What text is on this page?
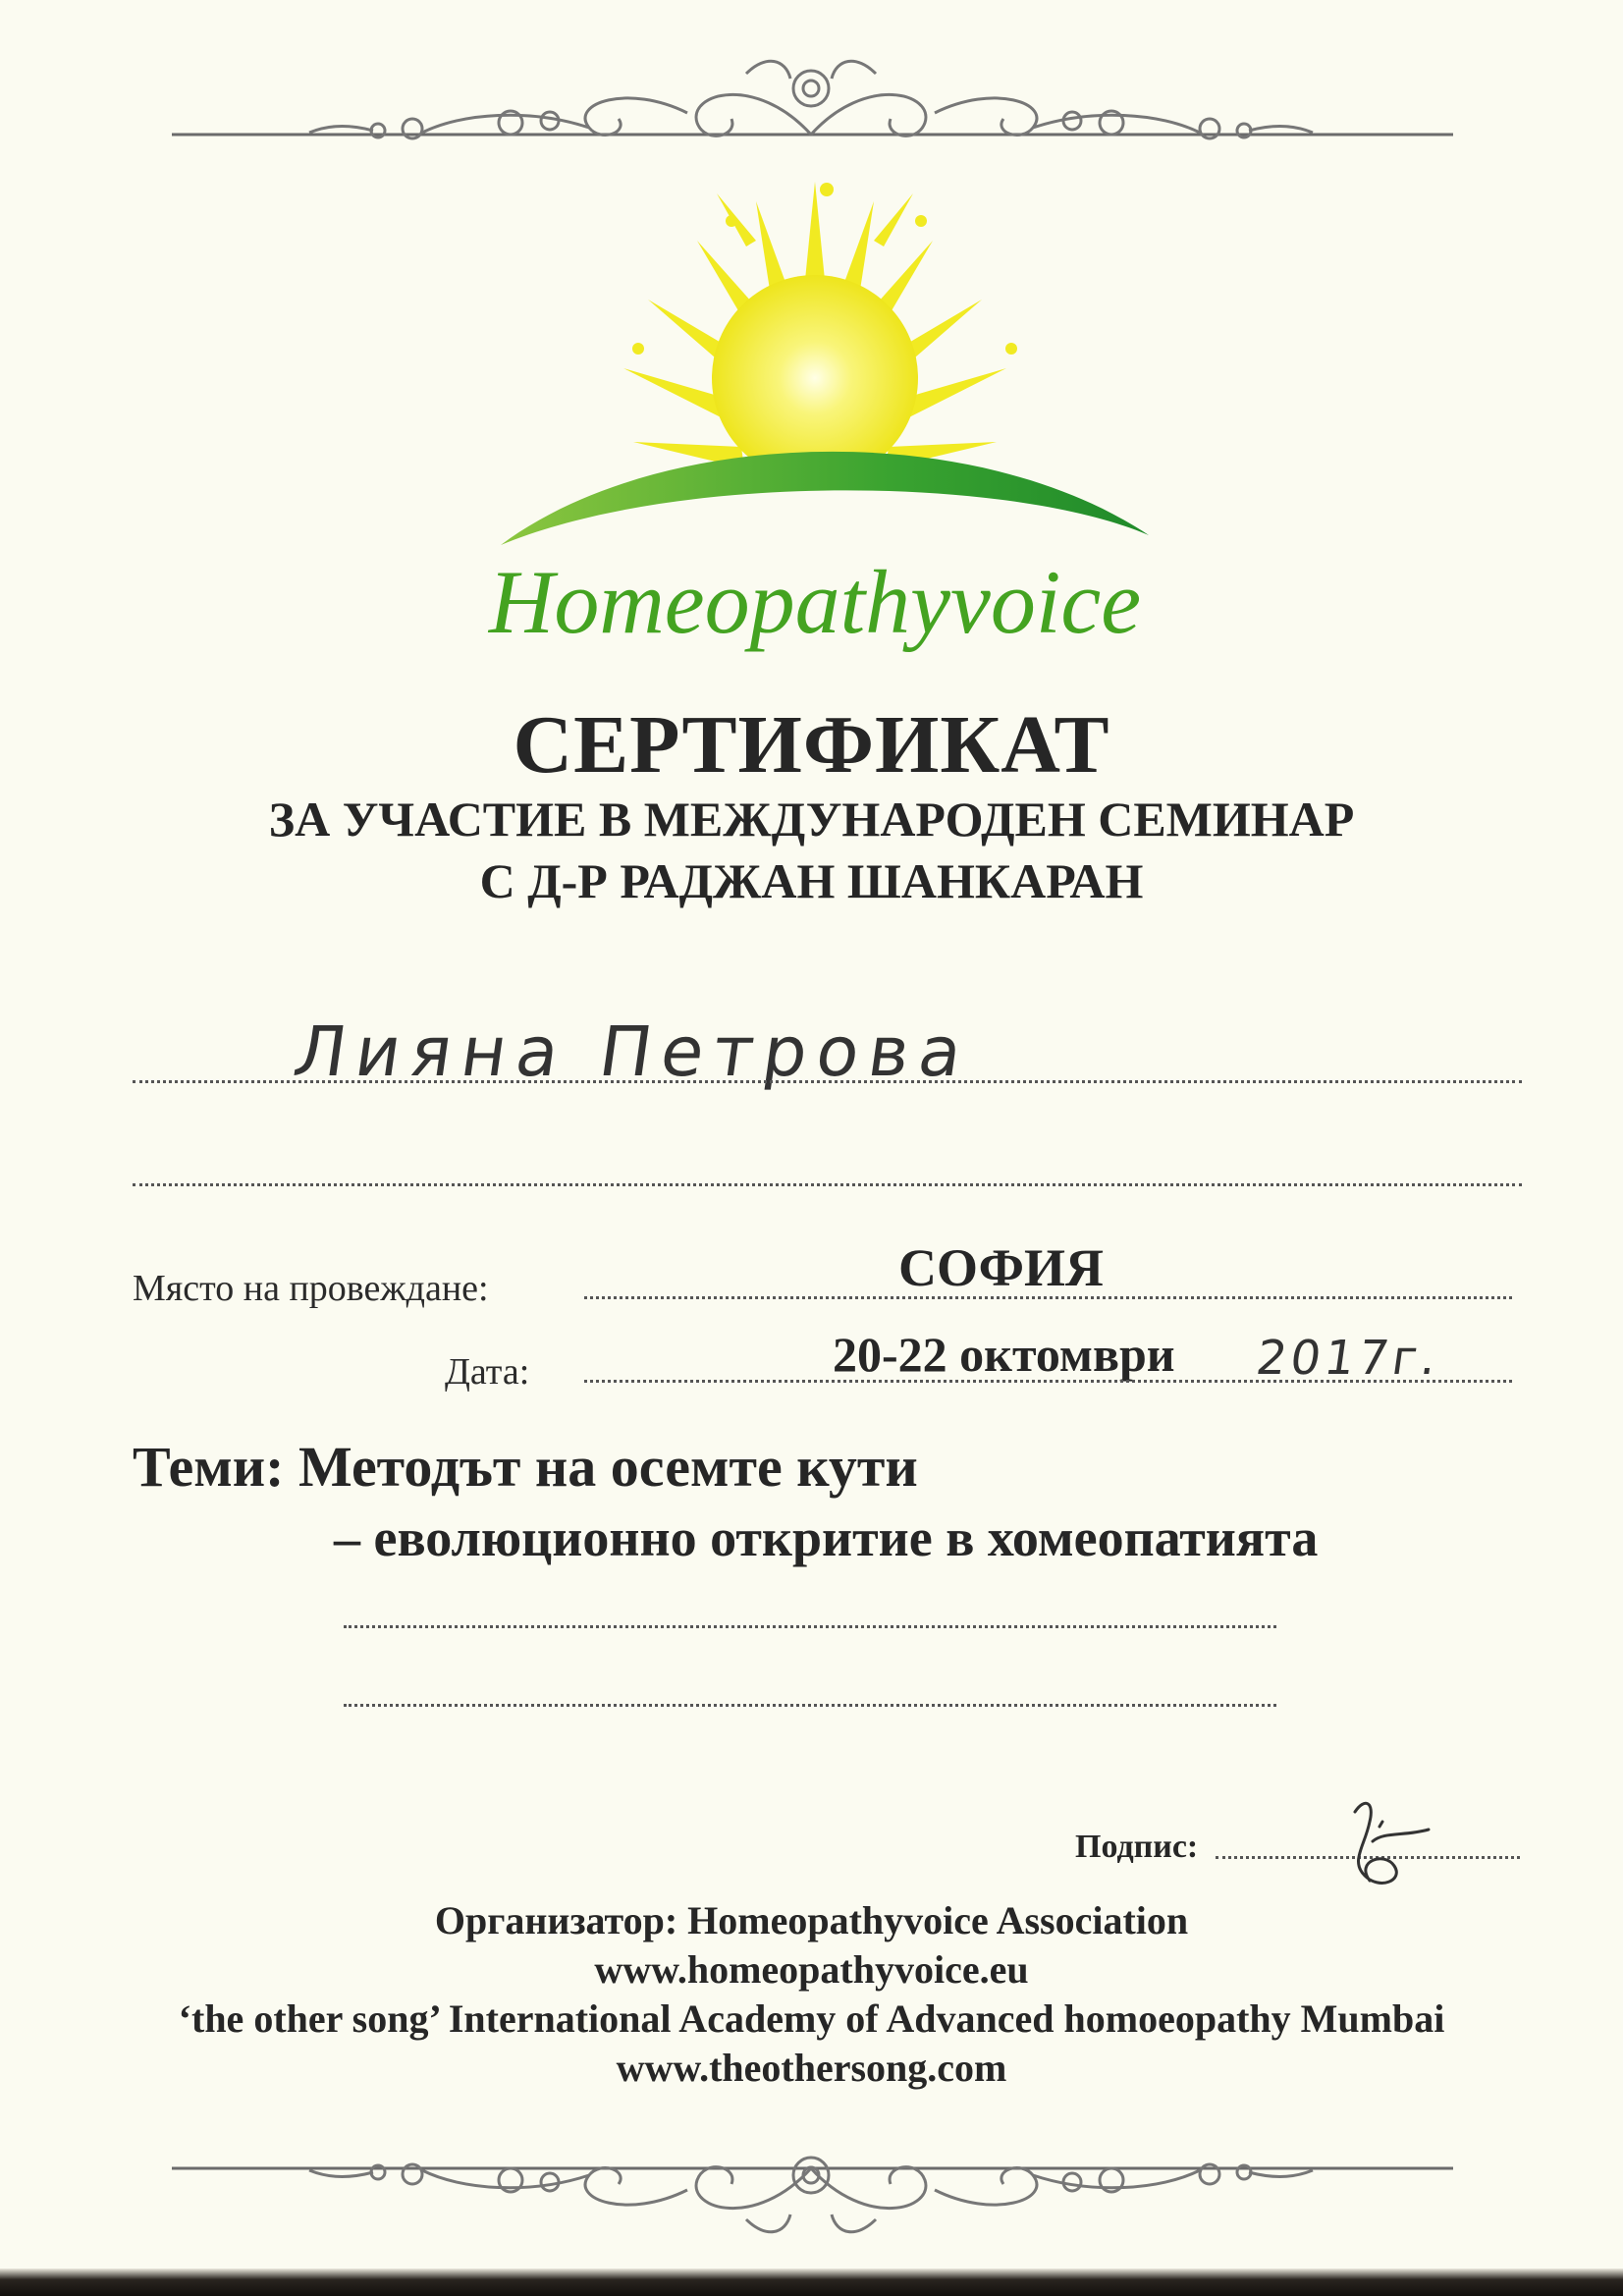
Homeopathyvoice
СЕРТИФИКАТ
ЗА УЧАСТИЕ В МЕЖДУНАРОДЕН СЕМИНАР
С Д-Р РАДЖАН ШАНКАРАН
Лияна Петрова
Място на провеждане:	СОФИЯ
Дата:	20-22 октомври 2017г.
Теми: Методът на осемте кути
– еволюционно откритие в хомеопатията
Подпис:
Организатор: Homeopathyvoice Association
www.homeopathyvoice.eu
‘the other song’ International Academy of Advanced homoeopathy Mumbai
www.theothersong.com
